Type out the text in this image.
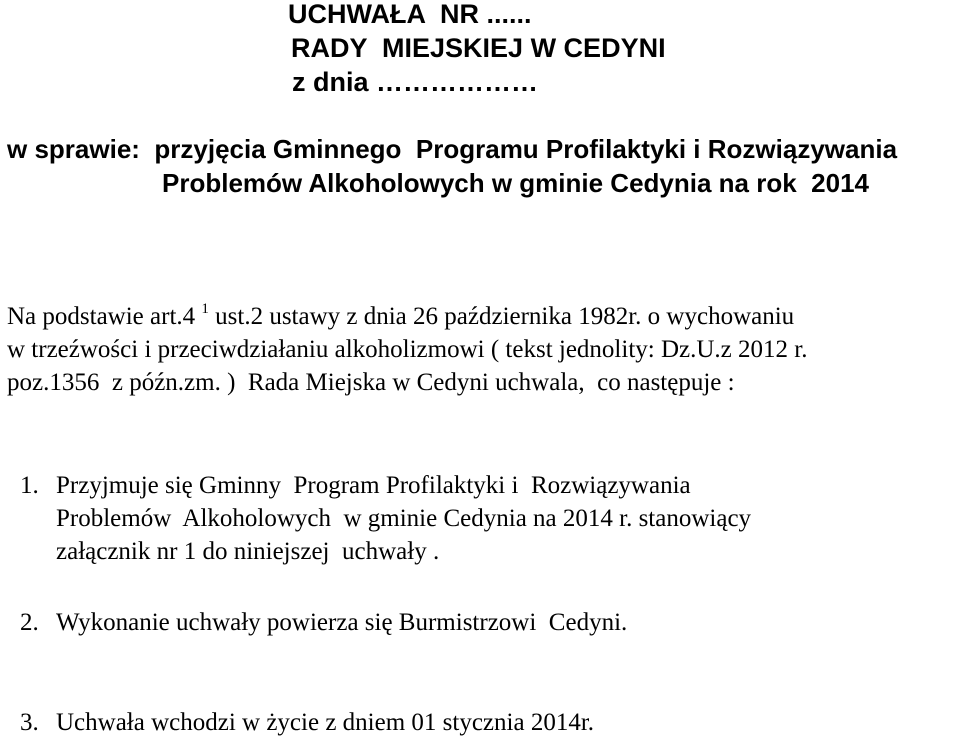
UCHWAŁA  NR ......

RADY  MIEJSKIEJ W CEDYNI

z dnia ………………

w sprawie:  przyjęcia Gminnego  Programu Profilaktyki i Rozwiązywania

Problemów Alkoholowych w gminie Cedynia na rok  2014

Na podstawie art.4 $^1$ ust.2 ustawy z dnia 26 października 1982r. o wychowaniu

w trzeźwości i przeciwdziałaniu alkoholizmowi ( tekst jednolity: Dz.U.z 2012 r.

poz.1356  z późn.zm. )  Rada Miejska w Cedyni uchwala,  co następuje :

1. Przyjmuje się Gminny  Program Profilaktyki i  Rozwiązywania

Problemów  Alkoholowych  w gminie Cedynia na 2014 r. stanowiący

załącznik nr 1 do niniejszej  uchwały .

2. Wykonanie uchwały powierza się Burmistrzowi  Cedyni.

3. Uchwała wchodzi w życie z dniem 01 stycznia 2014r.
